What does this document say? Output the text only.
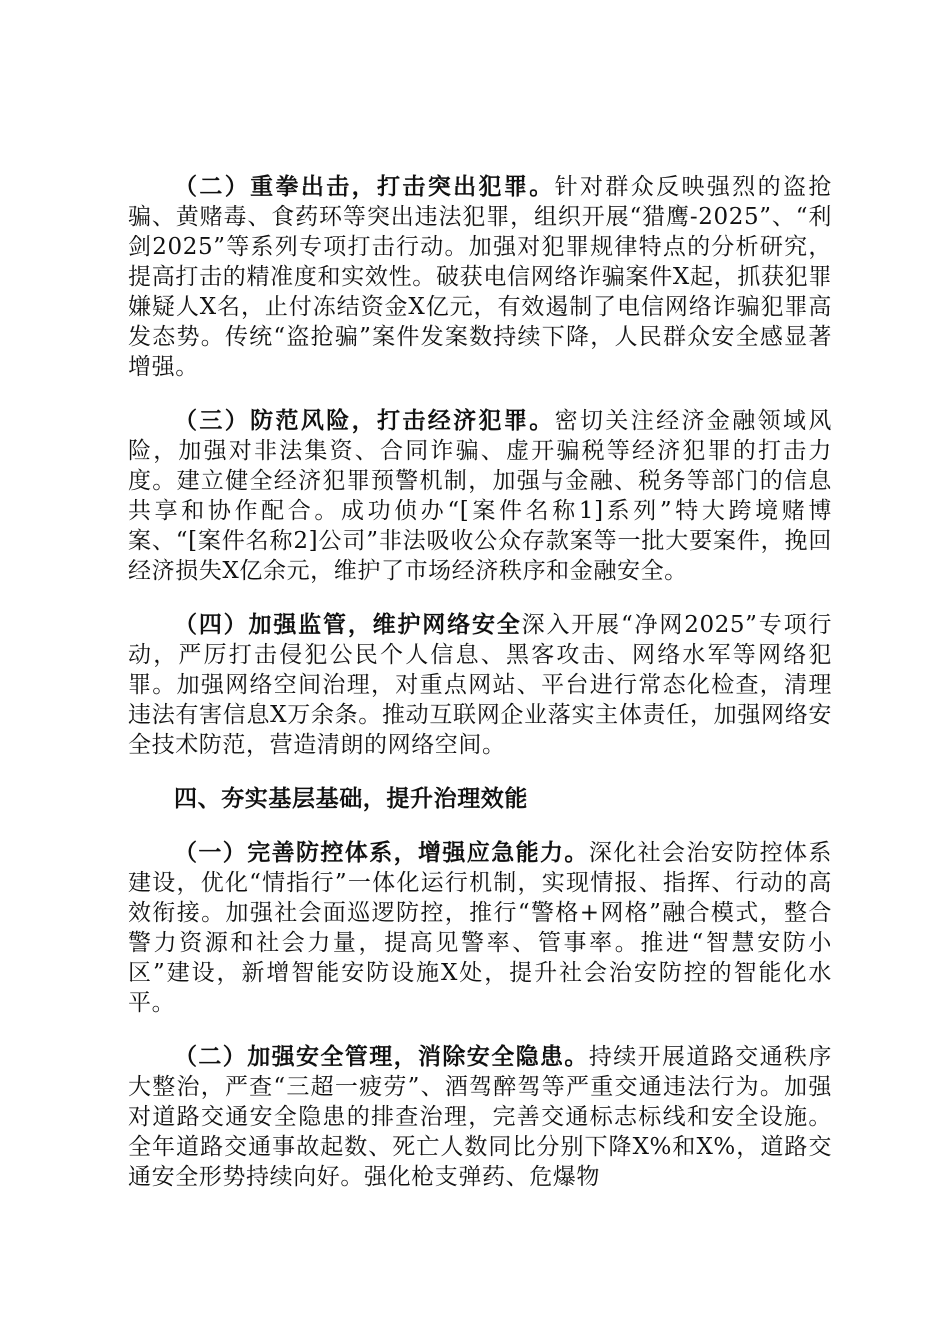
（二）重拳出击，打击突出犯罪。针对群众反映强烈的盗抢骗、黄赌毒、食药环等突出违法犯罪，组织开展“猎鹰-2025”、“利剑2025”等系列专项打击行动。加强对犯罪规律特点的分析研究，提高打击的精准度和实效性。破获电信网络诈骗案件X起，抓获犯罪嫌疑人X名，止付冻结资金X亿元，有效遏制了电信网络诈骗犯罪高发态势。传统“盗抢骗”案件发案数持续下降，人民群众安全感显著增强。

（三）防范风险，打击经济犯罪。密切关注经济金融领域风险，加强对非法集资、合同诈骗、虚开骗税等经济犯罪的打击力度。建立健全经济犯罪预警机制，加强与金融、税务等部门的信息共享和协作配合。成功侦办“[案件名称1]系列”特大跨境赌博案、“[案件名称2]公司”非法吸收公众存款案等一批大要案件，挽回经济损失X亿余元，维护了市场经济秩序和金融安全。

（四）加强监管，维护网络安全深入开展“净网2025”专项行动，严厉打击侵犯公民个人信息、黑客攻击、网络水军等网络犯罪。加强网络空间治理，对重点网站、平台进行常态化检查，清理违法有害信息X万余条。推动互联网企业落实主体责任，加强网络安全技术防范，营造清朗的网络空间。

四、夯实基层基础，提升治理效能

（一）完善防控体系，增强应急能力。深化社会治安防控体系建设，优化“情指行”一体化运行机制，实现情报、指挥、行动的高效衔接。加强社会面巡逻防控，推行“警格+网格”融合模式，整合警力资源和社会力量，提高见警率、管事率。推进“智慧安防小区”建设，新增智能安防设施X处，提升社会治安防控的智能化水平。

（二）加强安全管理，消除安全隐患。持续开展道路交通秩序大整治，严查“三超一疲劳”、酒驾醉驾等严重交通违法行为。加强对道路交通安全隐患的排查治理，完善交通标志标线和安全设施。全年道路交通事故起数、死亡人数同比分别下降X%和X%，道路交通安全形势持续向好。强化枪支弹药、危爆物
